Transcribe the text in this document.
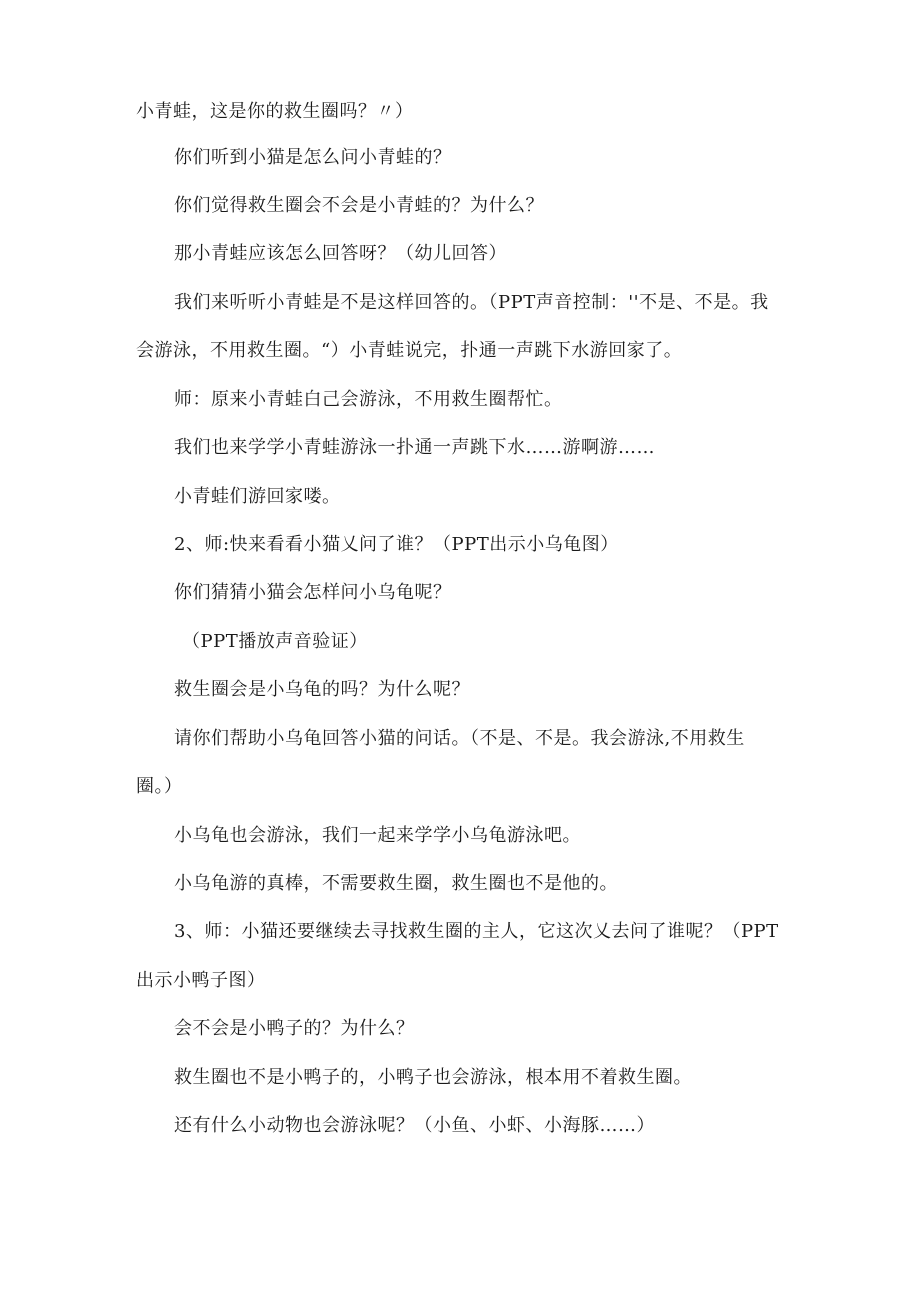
小青蛙，这是你的救生圈吗？〃）
你们听到小猫是怎么问小青蛙的？
你们觉得救生圈会不会是小青蛙的？为什么？
那小青蛙应该怎么回答呀？（幼儿回答）
我们来听听小青蛙是不是这样回答的。（PPT声音控制：''不是、不是。我
会游泳，不用救生圈。“）小青蛙说完，扑通一声跳下水游回家了。
师：原来小青蛙白己会游泳，不用救生圈帮忙。
我们也来学学小青蛙游泳一扑通一声跳下水……游啊游……
小青蛙们游回家喽。
2、师:快来看看小猫乂问了谁？（PPT出示小乌龟图）
你们猜猜小猫会怎样问小乌龟呢？
（PPT播放声音验证）
救生圈会是小乌龟的吗？为什么呢？
请你们帮助小乌龟回答小猫的问话。（不是、不是。我会游泳,不用救生
圈。）
小乌龟也会游泳，我们一起来学学小乌龟游泳吧。
小乌龟游的真棒，不需要救生圈，救生圈也不是他的。
3、师：小猫还要继续去寻找救生圈的主人，它这次乂去问了谁呢？（PPT
出示小鸭子图）
会不会是小鸭子的？为什么？
救生圈也不是小鸭子的，小鸭子也会游泳，根本用不着救生圈。
还有什么小动物也会游泳呢？（小鱼、小虾、小海豚……）
